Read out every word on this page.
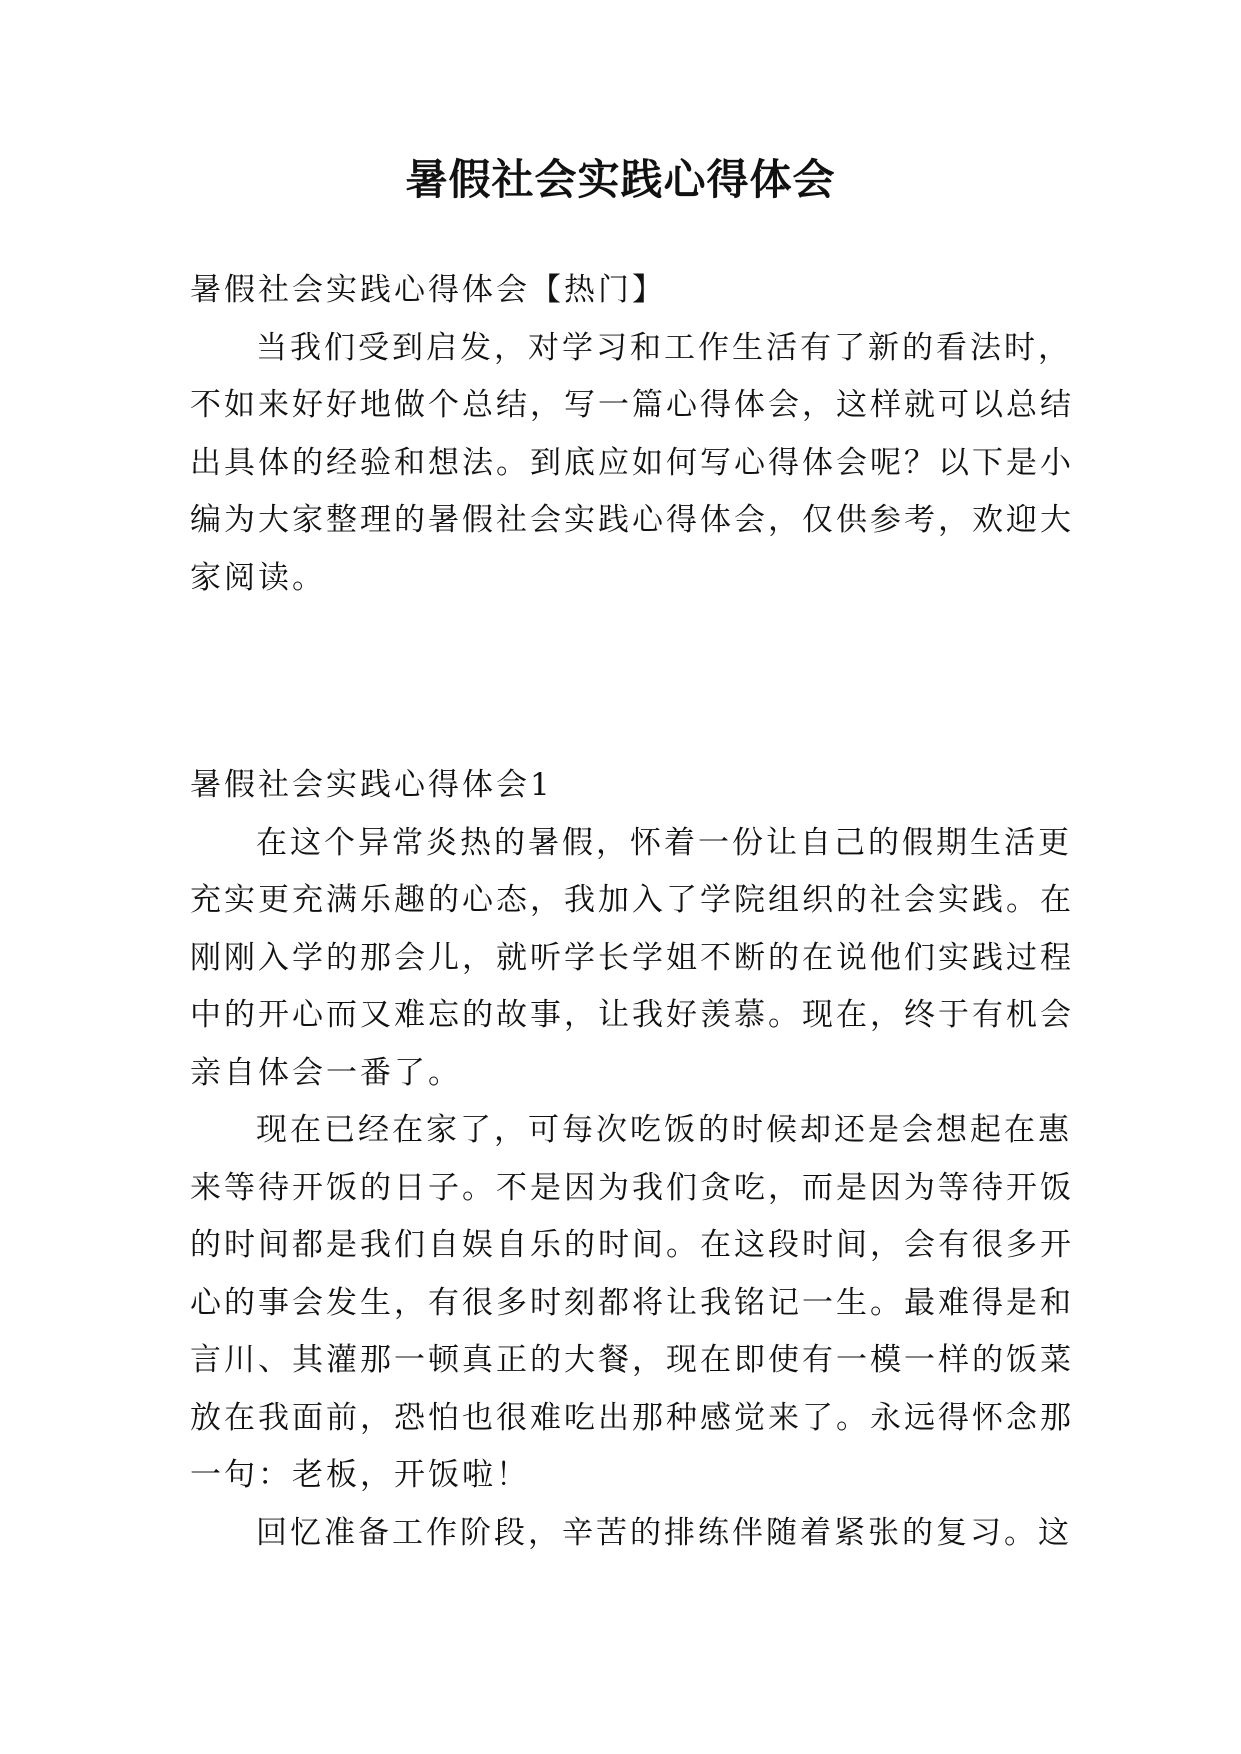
暑假社会实践心得体会
暑假社会实践心得体会【热门】
当我们受到启发，对学习和工作生活有了新的看法时，
不如来好好地做个总结，写一篇心得体会，这样就可以总结
出具体的经验和想法。到底应如何写心得体会呢？以下是小
编为大家整理的暑假社会实践心得体会，仅供参考，欢迎大
家阅读。
暑假社会实践心得体会1
在这个异常炎热的暑假，怀着一份让自己的假期生活更
充实更充满乐趣的心态，我加入了学院组织的社会实践。在
刚刚入学的那会儿，就听学长学姐不断的在说他们实践过程
中的开心而又难忘的故事，让我好羡慕。现在，终于有机会
亲自体会一番了。
现在已经在家了，可每次吃饭的时候却还是会想起在惠
来等待开饭的日子。不是因为我们贪吃，而是因为等待开饭
的时间都是我们自娱自乐的时间。在这段时间，会有很多开
心的事会发生，有很多时刻都将让我铭记一生。最难得是和
言川、其灌那一顿真正的大餐，现在即使有一模一样的饭菜
放在我面前，恐怕也很难吃出那种感觉来了。永远得怀念那
一句：老板，开饭啦！
回忆准备工作阶段，辛苦的排练伴随着紧张的复习。这
